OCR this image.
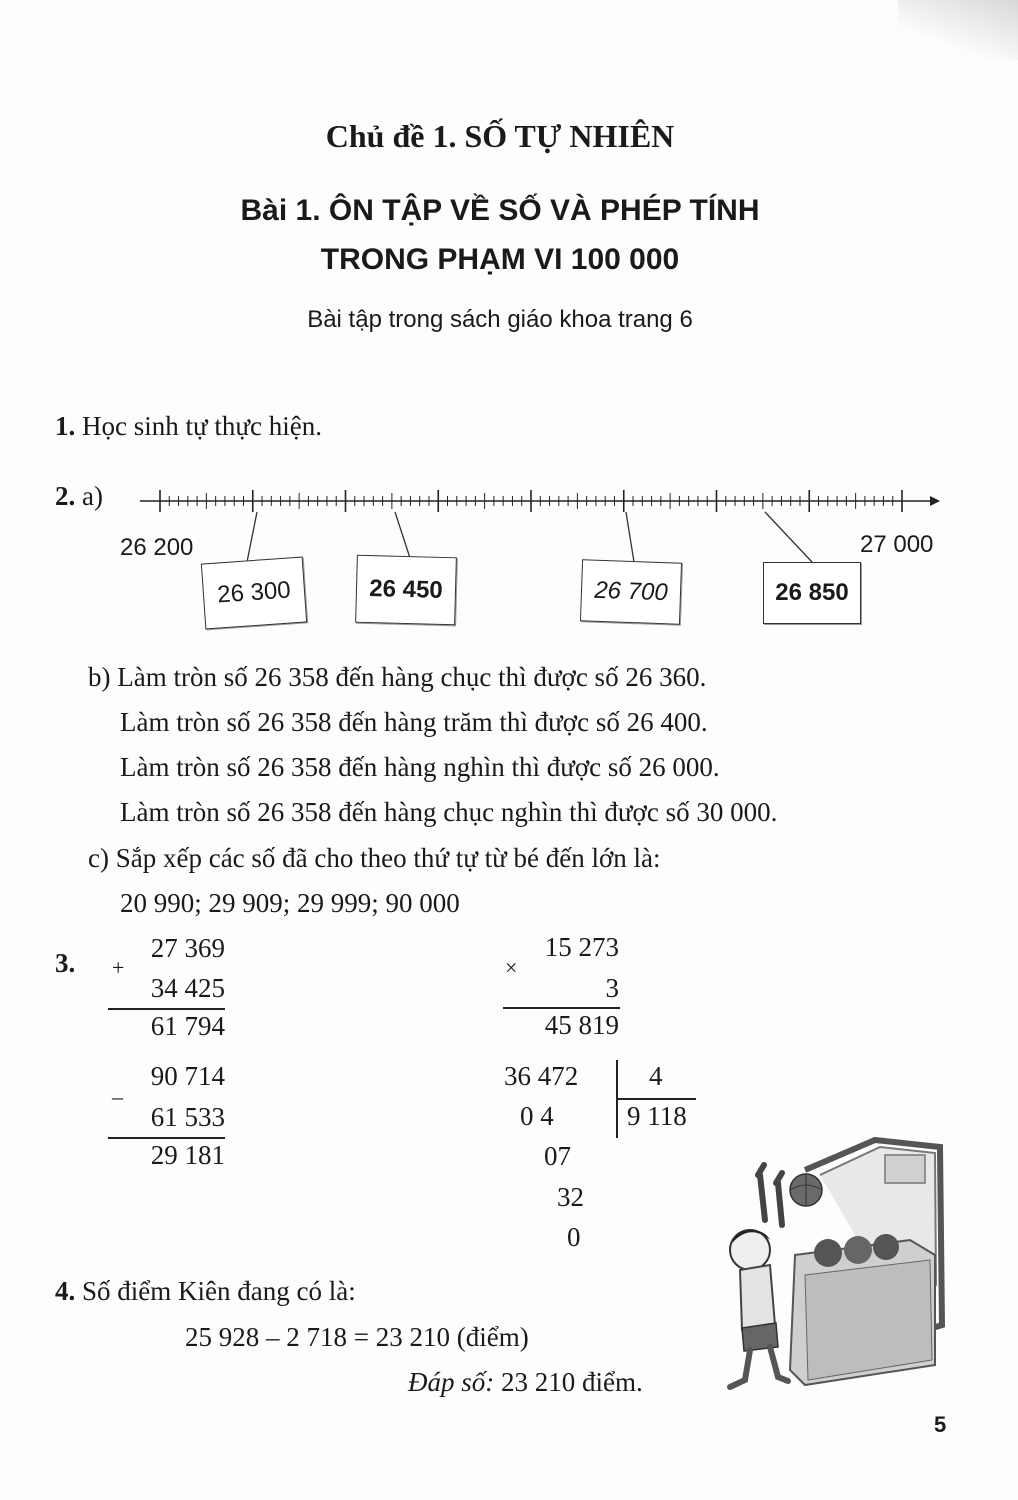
Chủ đề 1. SỐ TỰ NHIÊN
Bài 1. ÔN TẬP VỀ SỐ VÀ PHÉP TÍNH
TRONG PHẠM VI 100 000
Bài tập trong sách giáo khoa trang 6
1. Học sinh tự thực hiện.
2. a)
26 200	27 000
26 300	26 450	26 700	26 850
b) Làm tròn số 26 358 đến hàng chục thì được số 26 360.
Làm tròn số 26 358 đến hàng trăm thì được số 26 400.
Làm tròn số 26 358 đến hàng nghìn thì được số 26 000.
Làm tròn số 26 358 đến hàng chục nghìn thì được số 30 000.
c) Sắp xếp các số đã cho theo thứ tự từ bé đến lớn là:
20 990; 29 909; 29 999; 90 000
3. +
27 369
34 425
61 794
–
90 714
61 533
29 181
×
15 273
3
45 819
36 472	4
9 118
0 4
07
32
0
4. Số điểm Kiên đang có là:
25 928 – 2 718 = 23 210 (điểm)
Đáp số: 23 210 điểm.
5
